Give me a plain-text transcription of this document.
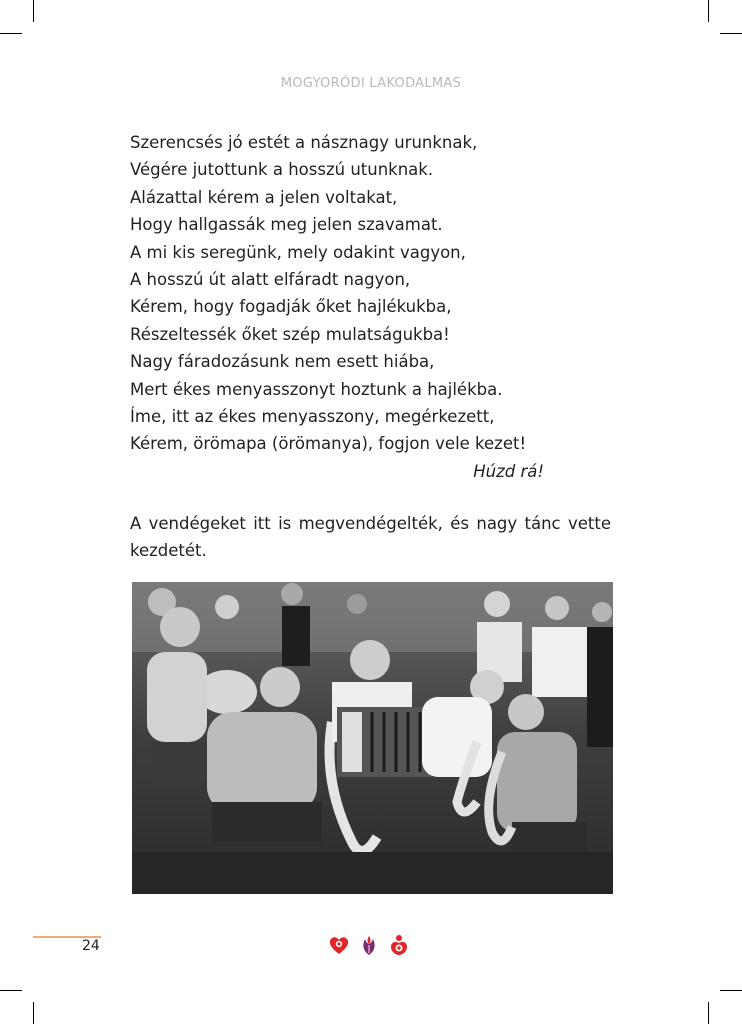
MOGYORÓDI LAKODALMAS
Szerencsés jó estét a násznagy urunknak,
Végére jutottunk a hosszú utunknak.
Alázattal kérem a jelen voltakat,
Hogy hallgassák meg jelen szavamat.
A mi kis seregünk, mely odakint vagyon,
A hosszú út alatt elfáradt nagyon,
Kérem, hogy fogadják őket hajlékukba,
Részeltessék őket szép mulatságukba!
Nagy fáradozásunk nem esett hiába,
Mert ékes menyasszonyt hoztunk a hajlékba.
Íme, itt az ékes menyasszony, megérkezett,
Kérem, örömapa (örömanya), fogjon vele kezet!
Húzd rá!
A vendégeket itt is megvendégelték, és nagy tánc vette kezdetét.
24
